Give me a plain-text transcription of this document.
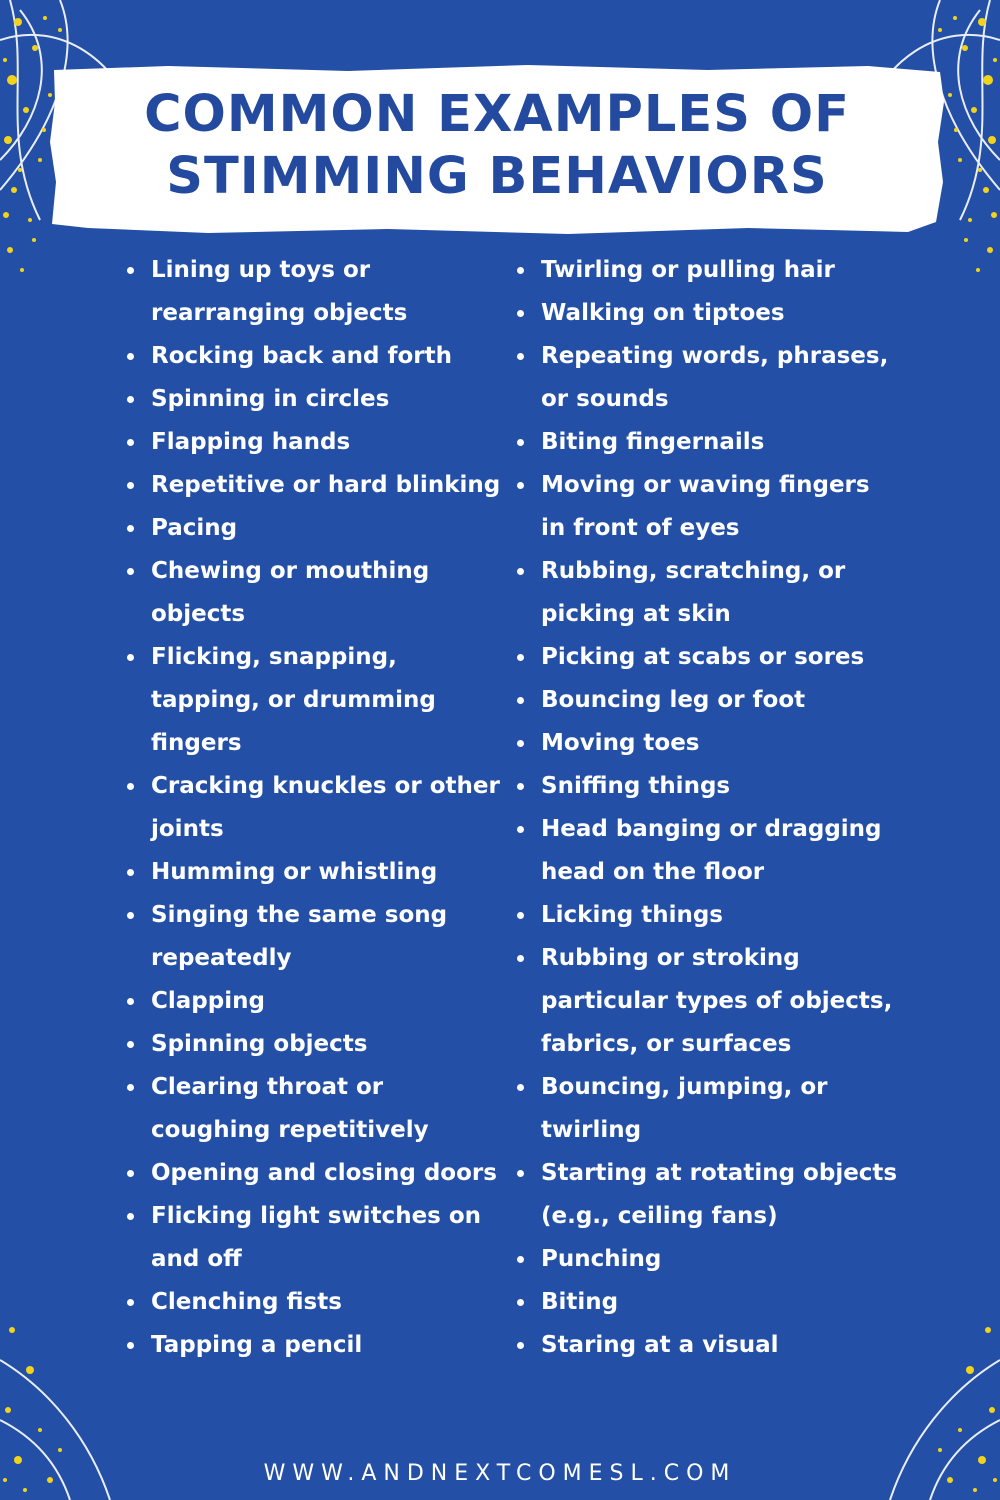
COMMON EXAMPLES OF
STIMMING BEHAVIORS
Lining up toys or rearranging objects
Rocking back and forth
Spinning in circles
Flapping hands
Repetitive or hard blinking
Pacing
Chewing or mouthing objects
Flicking, snapping, tapping, or drumming fingers
Cracking knuckles or other joints
Humming or whistling
Singing the same song repeatedly
Clapping
Spinning objects
Clearing throat or coughing repetitively
Opening and closing doors
Flicking light switches on and off
Clenching fists
Tapping a pencil
Twirling or pulling hair
Walking on tiptoes
Repeating words, phrases, or sounds
Biting fingernails
Moving or waving fingers in front of eyes
Rubbing, scratching, or picking at skin
Picking at scabs or sores
Bouncing leg or foot
Moving toes
Sniffing things
Head banging or dragging head on the floor
Licking things
Rubbing or stroking particular types of objects, fabrics, or surfaces
Bouncing, jumping, or twirling
Starting at rotating objects (e.g., ceiling fans)
Punching
Biting
Staring at a visual
WWW.ANDNEXTCOMESL.COM
